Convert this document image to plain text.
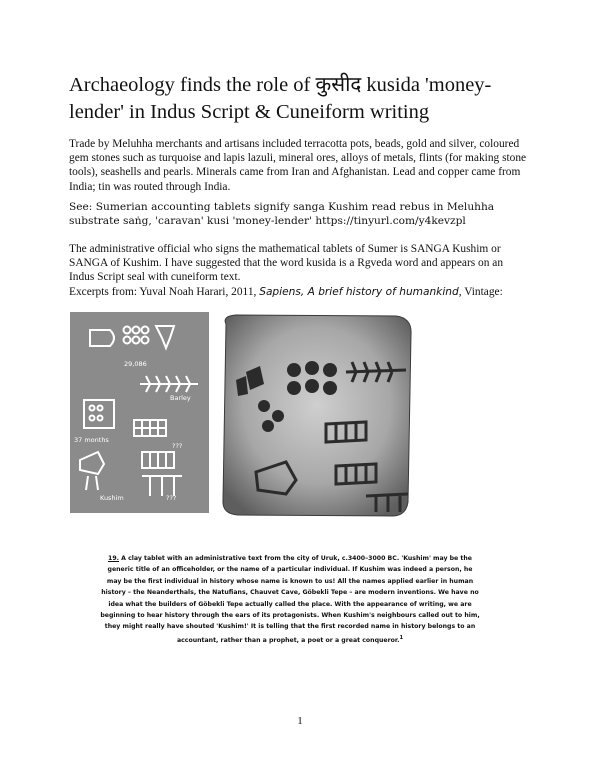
Archaeology finds the role of कुसीद kusida 'money-lender' in Indus Script & Cuneiform writing

Trade by Meluhha merchants and artisans included terracotta pots, beads, gold and silver, coloured gem stones such as turquoise and lapis lazuli, mineral ores, alloys of metals, flints (for making stone tools), seashells and pearls. Minerals came from Iran and Afghanistan. Lead and copper came from India; tin was routed through India.

See: Sumerian accounting tablets signify sanga Kushim read rebus in Meluhha substrate saṅg, 'caravan' kusi 'money-lender' https://tinyurl.com/y4kevzpl

The administrative official who signs the mathematical tablets of Sumer is SANGA Kushim or SANGA of Kushim. I have suggested that the word kusida is a Rgveda word and appears on an Indus Script seal with cuneiform text.

Excerpts from: Yuval Noah Harari, 2011, Sapiens, A brief history of humankind, Vintage:

29,086
Barley
37 months
???
Kushim	???

19. A clay tablet with an administrative text from the city of Uruk, c.3400–3000 BC. 'Kushim' may be the generic title of an officeholder, or the name of a particular individual. If Kushim was indeed a person, he may be the first individual in history whose name is known to us! All the names applied earlier in human history – the Neanderthals, the Natufians, Chauvet Cave, Göbekli Tepe – are modern inventions. We have no idea what the builders of Göbekli Tepe actually called the place. With the appearance of writing, we are beginning to hear history through the ears of its protagonists. When Kushim's neighbours called out to him, they might really have shouted 'Kushim!' It is telling that the first recorded name in history belongs to an accountant, rather than a prophet, a poet or a great conqueror.$^1$

1
